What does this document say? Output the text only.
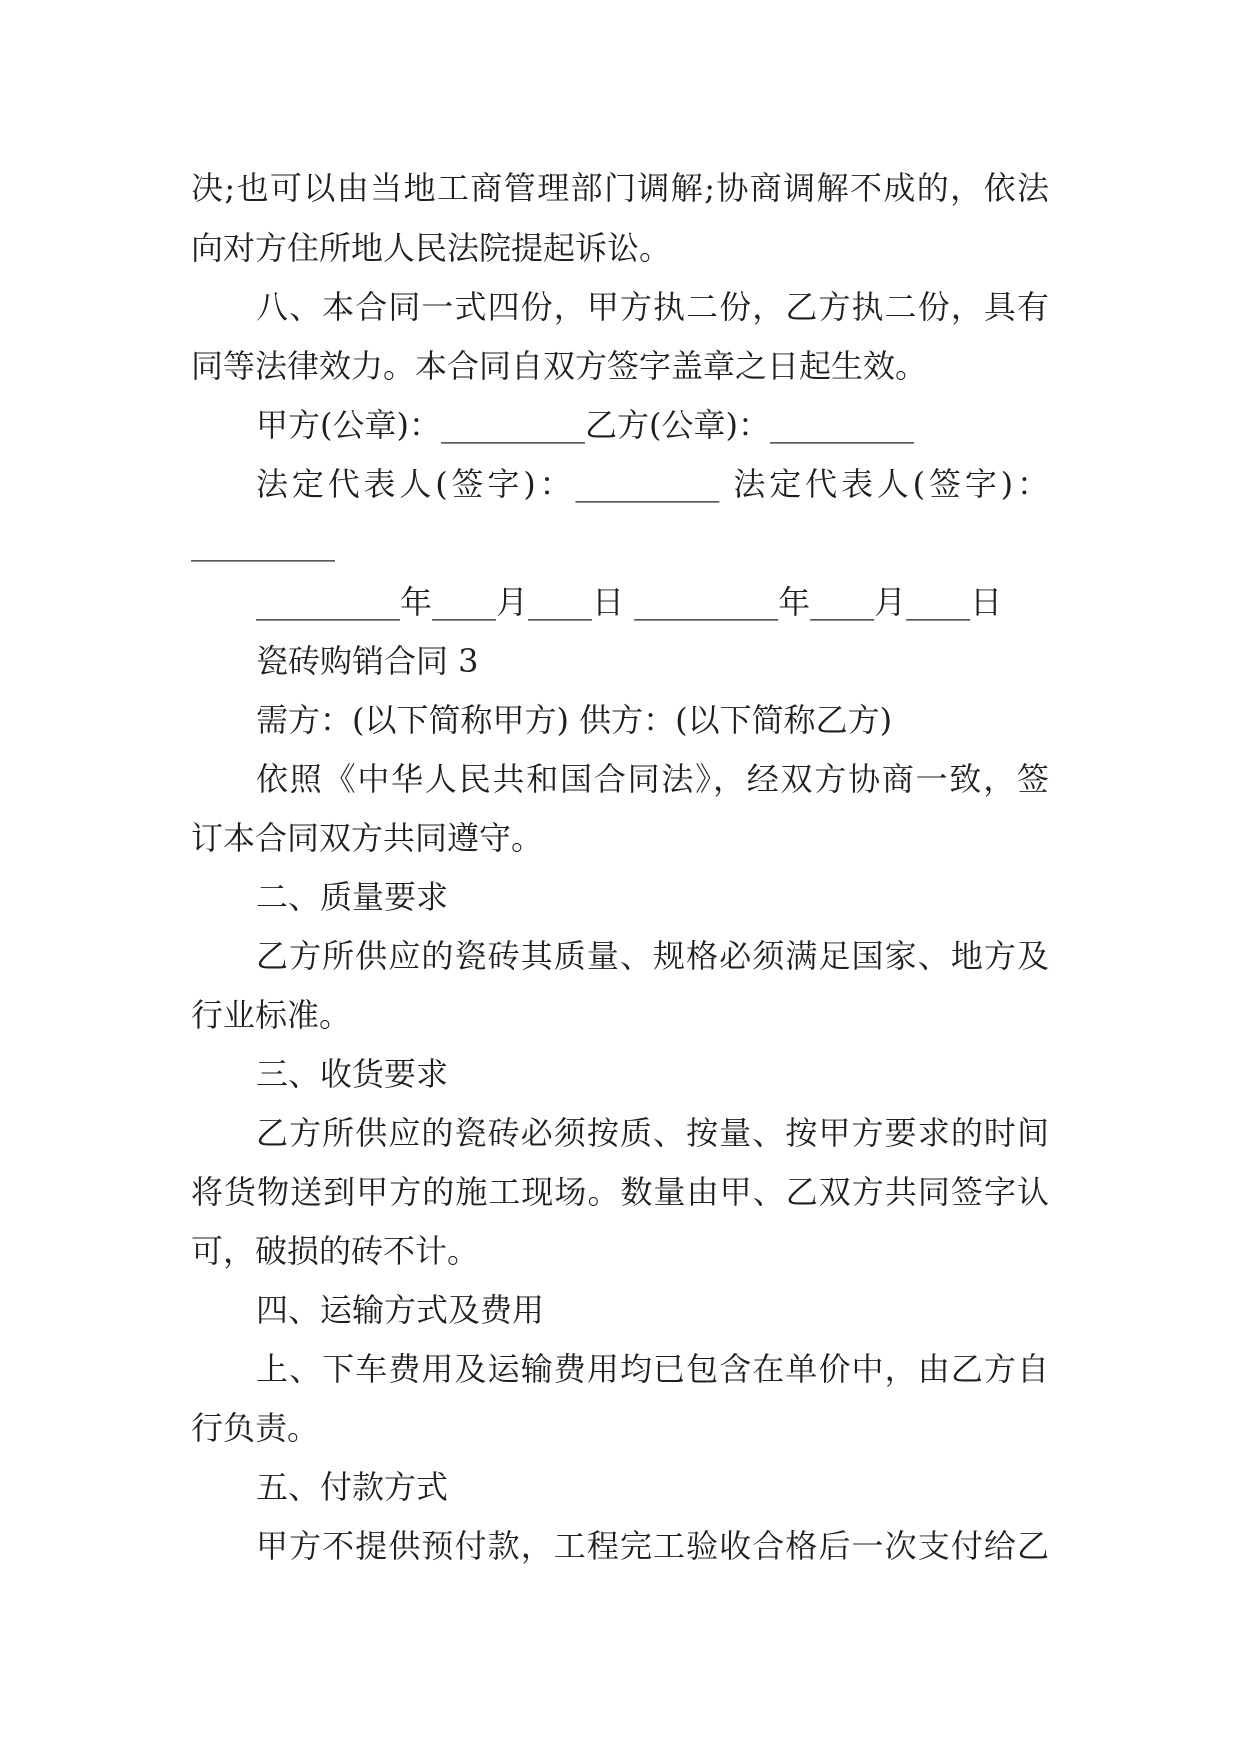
决;也可以由当地工商管理部门调解;协商调解不成的，依法

向对方住所地人民法院提起诉讼。

八、本合同一式四份，甲方执二份，乙方执二份，具有

同等法律效力。本合同自双方签字盖章之日起生效。

甲方(公章)：_________乙方(公章)：_________

法定代表人(签字)：_________ 法定代表人(签字)：

_________

_________年____月____日 _________年____月____日

瓷砖购销合同 3

需方：(以下简称甲方) 供方：(以下简称乙方)

依照《中华人民共和国合同法》，经双方协商一致，签

订本合同双方共同遵守。

二、质量要求

乙方所供应的瓷砖其质量、规格必须满足国家、地方及

行业标准。

三、收货要求

乙方所供应的瓷砖必须按质、按量、按甲方要求的时间

将货物送到甲方的施工现场。数量由甲、乙双方共同签字认

可，破损的砖不计。

四、运输方式及费用

上、下车费用及运输费用均已包含在单价中，由乙方自

行负责。

五、付款方式

甲方不提供预付款，工程完工验收合格后一次支付给乙
